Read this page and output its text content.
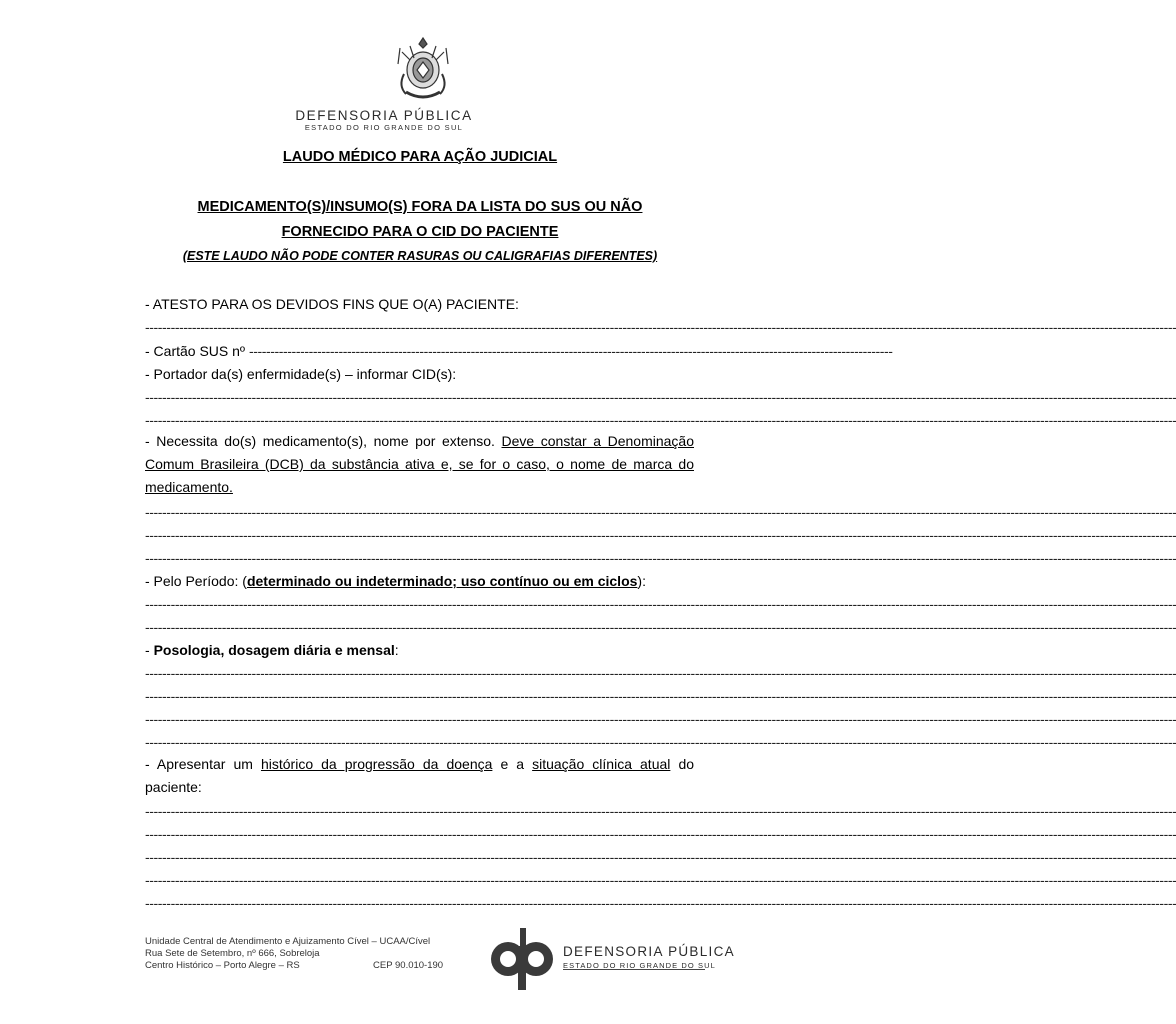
DEFENSORIA PÚBLICA
ESTADO DO RIO GRANDE DO SUL
LAUDO MÉDICO PARA AÇÃO JUDICIAL
MEDICAMENTO(S)/INSUMO(S) FORA DA LISTA DO SUS OU NÃO
FORNECIDO PARA O CID DO PACIENTE
(ESTE LAUDO NÃO PODE CONTER RASURAS OU CALIGRAFIAS DIFERENTES)
- ATESTO PARA OS DEVIDOS FINS QUE O(A) PACIENTE:
-----
- Cartão SUS nº -------------------------------------------------------------------------------------------------------------------------------------------------------
- Portador da(s) enfermidade(s) – informar CID(s):
-----
-----
- Necessita do(s) medicamento(s), nome por extenso. Deve constar a Denominação Comum Brasileira (DCB) da substância ativa e, se for o caso, o nome de marca do medicamento.
-----
-----
-----
- Pelo Período: (determinado ou indeterminado; uso contínuo ou em ciclos):
-----
-----
- Posologia, dosagem diária e mensal:
-----
-----
-----
-----
- Apresentar um histórico da progressão da doença e a situação clínica atual do paciente:
-----
-----
-----
-----
-----
Unidade Central de Atendimento e Ajuizamento Cível – UCAA/Cível
Rua Sete de Setembro, nº 666, Sobreloja
Centro Histórico – Porto Alegre – RS	CEP 90.010-190
DEFENSORIA PÚBLICA
ESTADO DO RIO GRANDE DO SUL
